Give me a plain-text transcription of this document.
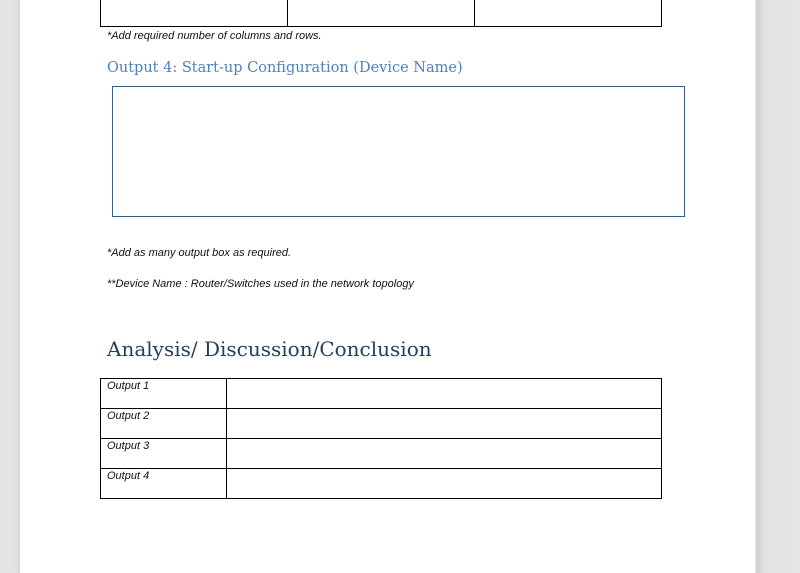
*Add required number of columns and rows.
Output 4: Start-up Configuration (Device Name)
*Add as many output box as required.
**Device Name : Router/Switches used in the network topology
Analysis/ Discussion/Conclusion
Output 1	
Output 2	
Output 3	
Output 4	
